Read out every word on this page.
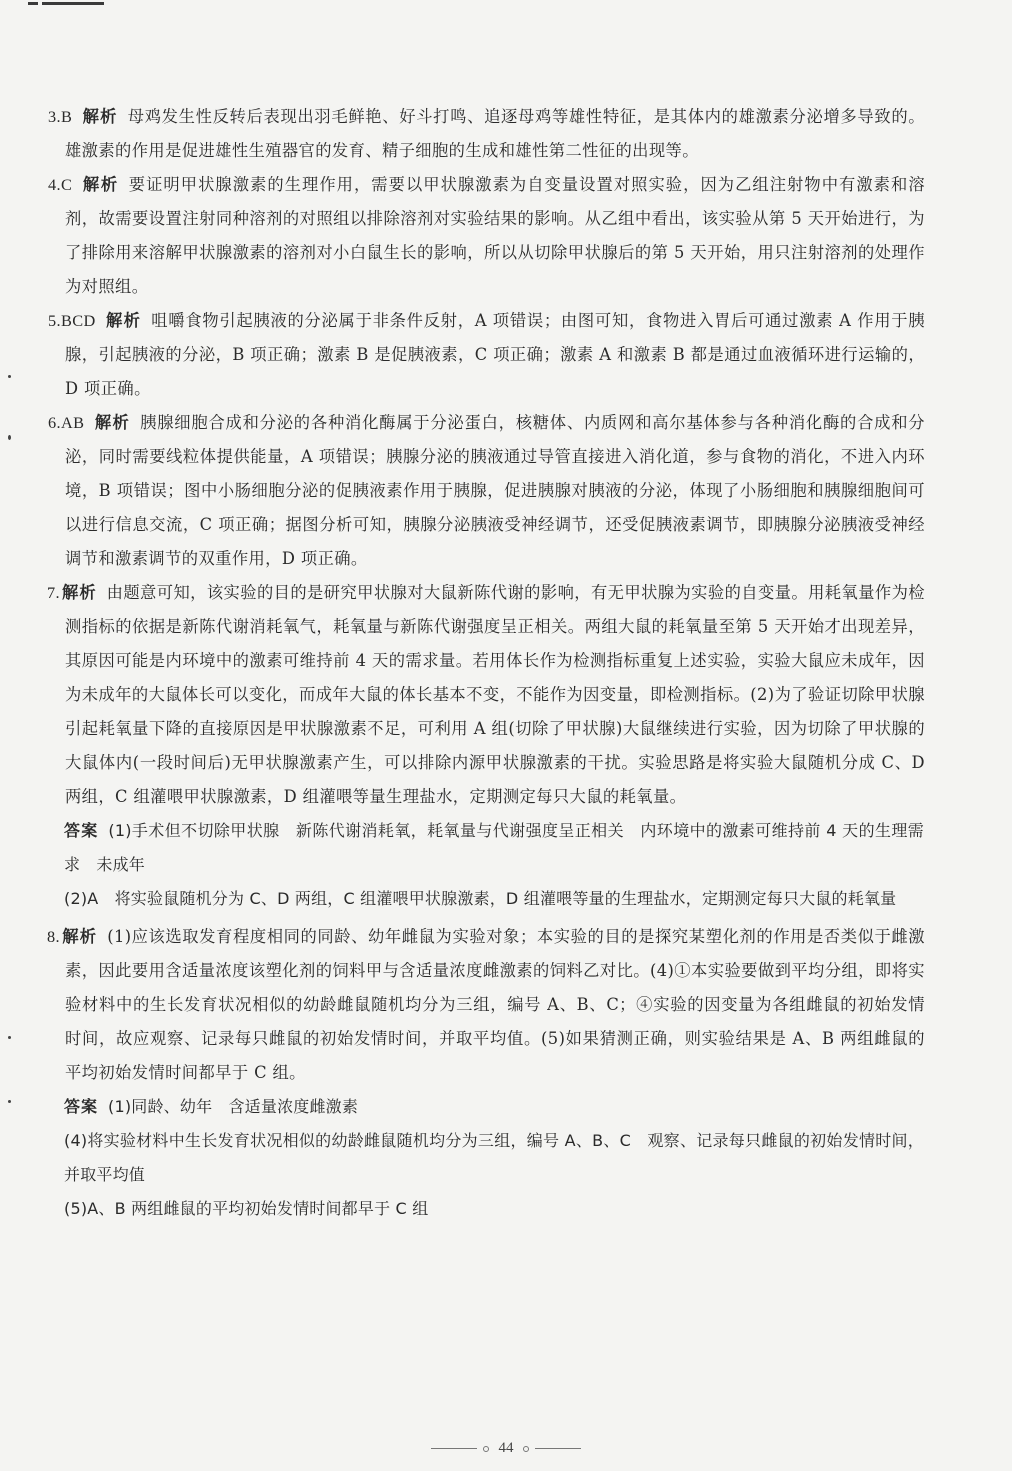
3.B 解析 母鸡发生性反转后表现出羽毛鲜艳、好斗打鸣、追逐母鸡等雄性特征，是其体内的雄激素分泌增多导致的。雄激素的作用是促进雄性生殖器官的发育、精子细胞的生成和雄性第二性征的出现等。

4.C 解析 要证明甲状腺激素的生理作用，需要以甲状腺激素为自变量设置对照实验，因为乙组注射物中有激素和溶剂，故需要设置注射同种溶剂的对照组以排除溶剂对实验结果的影响。从乙组中看出，该实验从第 5 天开始进行，为了排除用来溶解甲状腺激素的溶剂对小白鼠生长的影响，所以从切除甲状腺后的第 5 天开始，用只注射溶剂的处理作为对照组。

5.BCD 解析 咀嚼食物引起胰液的分泌属于非条件反射，A 项错误；由图可知，食物进入胃后可通过激素 A 作用于胰腺，引起胰液的分泌，B 项正确；激素 B 是促胰液素，C 项正确；激素 A 和激素 B 都是通过血液循环进行运输的，D 项正确。

6.AB 解析 胰腺细胞合成和分泌的各种消化酶属于分泌蛋白，核糖体、内质网和高尔基体参与各种消化酶的合成和分泌，同时需要线粒体提供能量，A 项错误；胰腺分泌的胰液通过导管直接进入消化道，参与食物的消化，不进入内环境，B 项错误；图中小肠细胞分泌的促胰液素作用于胰腺，促进胰腺对胰液的分泌，体现了小肠细胞和胰腺细胞间可以进行信息交流，C 项正确；据图分析可知，胰腺分泌胰液受神经调节，还受促胰液素调节，即胰腺分泌胰液受神经调节和激素调节的双重作用，D 项正确。

7. 解析 由题意可知，该实验的目的是研究甲状腺对大鼠新陈代谢的影响，有无甲状腺为实验的自变量。用耗氧量作为检测指标的依据是新陈代谢消耗氧气，耗氧量与新陈代谢强度呈正相关。两组大鼠的耗氧量至第 5 天开始才出现差异，其原因可能是内环境中的激素可维持前 4 天的需求量。若用体长作为检测指标重复上述实验，实验大鼠应未成年，因为未成年的大鼠体长可以变化，而成年大鼠的体长基本不变，不能作为因变量，即检测指标。(2)为了验证切除甲状腺引起耗氧量下降的直接原因是甲状腺激素不足，可利用 A 组(切除了甲状腺)大鼠继续进行实验，因为切除了甲状腺的大鼠体内(一段时间后)无甲状腺激素产生，可以排除内源甲状腺激素的干扰。实验思路是将实验大鼠随机分成 C、D 两组，C 组灌喂甲状腺激素，D 组灌喂等量生理盐水，定期测定每只大鼠的耗氧量。

答案 (1)手术但不切除甲状腺　新陈代谢消耗氧，耗氧量与代谢强度呈正相关　内环境中的激素可维持前 4 天的生理需求　未成年

(2)A　将实验鼠随机分为 C、D 两组，C 组灌喂甲状腺激素，D 组灌喂等量的生理盐水，定期测定每只大鼠的耗氧量

8. 解析 (1)应该选取发育程度相同的同龄、幼年雌鼠为实验对象；本实验的目的是探究某塑化剂的作用是否类似于雌激素，因此要用含适量浓度该塑化剂的饲料甲与含适量浓度雌激素的饲料乙对比。(4)①本实验要做到平均分组，即将实验材料中的生长发育状况相似的幼龄雌鼠随机均分为三组，编号 A、B、C；④实验的因变量为各组雌鼠的初始发情时间，故应观察、记录每只雌鼠的初始发情时间，并取平均值。(5)如果猜测正确，则实验结果是 A、B 两组雌鼠的平均初始发情时间都早于 C 组。

答案 (1)同龄、幼年　含适量浓度雌激素

(4)将实验材料中生长发育状况相似的幼龄雌鼠随机均分为三组，编号 A、B、C　观察、记录每只雌鼠的初始发情时间，并取平均值

(5)A、B 两组雌鼠的平均初始发情时间都早于 C 组

44
